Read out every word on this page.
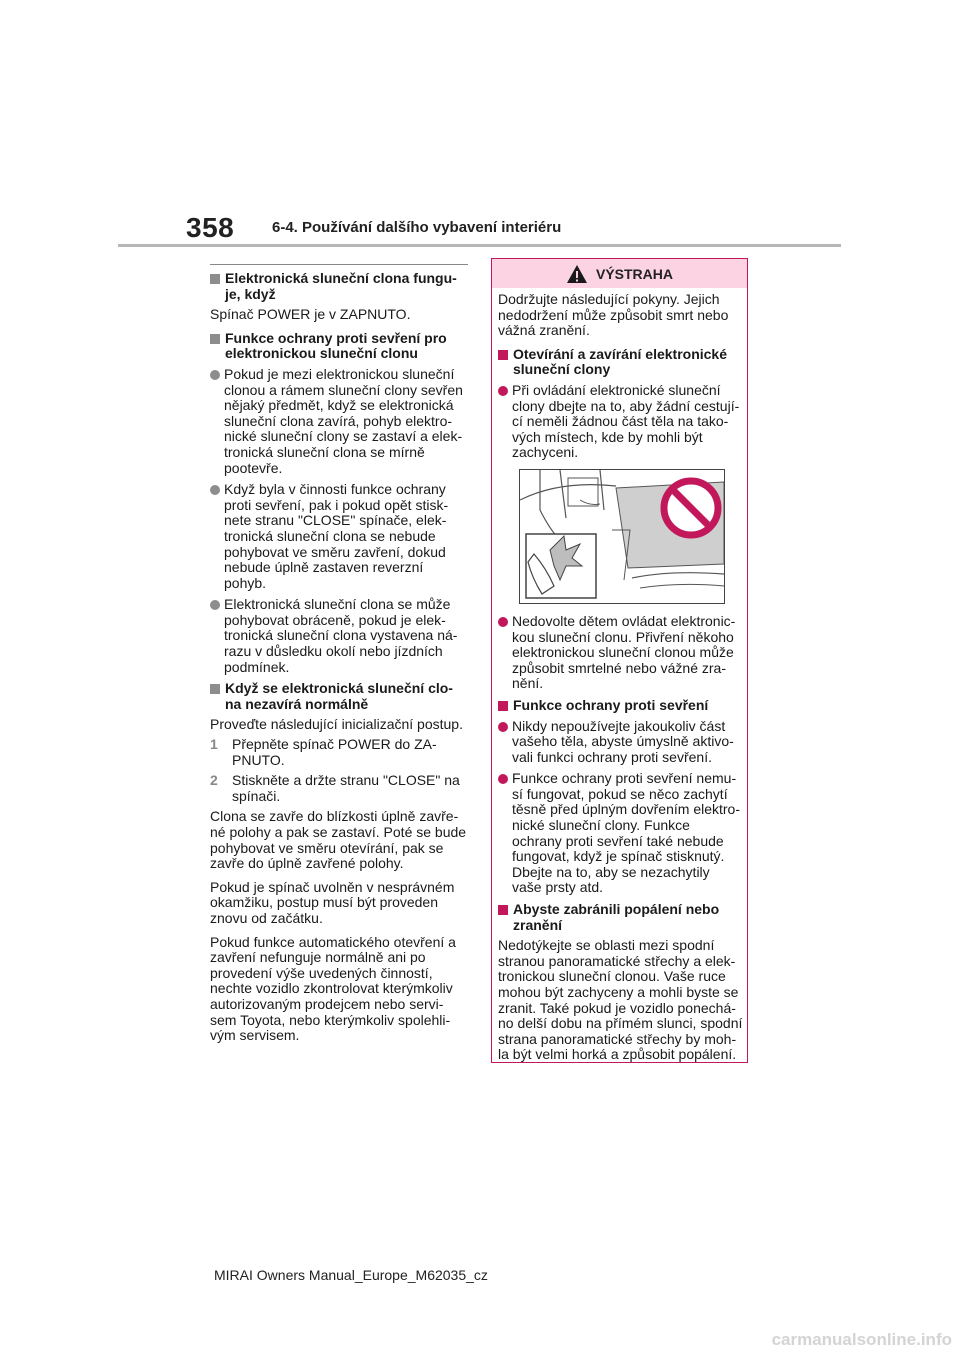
358	6-4. Používání dalšího vybavení interiéru
Elektronická sluneční clona fungu-je, když

Spínač POWER je v ZAPNUTO.

Funkce ochrany proti sevření pro elektronickou sluneční clonu
Pokud je mezi elektronickou sluneční clonou a rámem sluneční clony sevřen nějaký předmět, když se elektronická sluneční clona zavírá, pohyb elektro-nické sluneční clony se zastaví a elek-tronická sluneční clona se mírně pootevře.
Když byla v činnosti funkce ochrany proti sevření, pak i pokud opět stisk-nete stranu "CLOSE" spínače, elek-tronická sluneční clona se nebude pohybovat ve směru zavření, dokud nebude úplně zastaven reverzní pohyb.
Elektronická sluneční clona se může pohybovat obráceně, pokud je elek-tronická sluneční clona vystavena ná-razu v důsledku okolí nebo jízdních podmínek.
Když se elektronická sluneční clo-na nezavírá normálně

Proveďte následující inicializační postup.

1	Přepněte spínač POWER do ZA-PNUTO.
2	Stiskněte a držte stranu "CLOSE" na spínači.

Clona se zavře do blízkosti úplně zavře-né polohy a pak se zastaví. Poté se bude pohybovat ve směru otevírání, pak se zavře do úplně zavřené polohy.

Pokud je spínač uvolněn v nesprávném okamžiku, postup musí být proveden znovu od začátku.

Pokud funkce automatického otevření a zavření nefunguje normálně ani po provedení výše uvedených činností, nechte vozidlo zkontrolovat kterýmkoliv autorizovaným prodejcem nebo servi-sem Toyota, nebo kterýmkoliv spolehli-vým servisem.

VÝSTRAHA

Dodržujte následující pokyny. Jejich nedodržení může způsobit smrt nebo vážná zranění.

Otevírání a zavírání elektronické sluneční clony
Při ovládání elektronické sluneční clony dbejte na to, aby žádní cestují-cí neměli žádnou část těla na tako-vých místech, kde by mohli být zachyceni.
Nedovolte dětem ovládat elektronic-kou sluneční clonu. Přivření někoho elektronickou sluneční clonou může způsobit smrtelné nebo vážné zra-nění.
Funkce ochrany proti sevření
Nikdy nepoužívejte jakoukoliv část vašeho těla, abyste úmyslně aktivo-vali funkci ochrany proti sevření.
Funkce ochrany proti sevření nemu-sí fungovat, pokud se něco zachytí těsně před úplným dovřením elektro-nické sluneční clony. Funkce ochrany proti sevření také nebude fungovat, když je spínač stisknutý. Dbejte na to, aby se nezachytily vaše prsty atd.
Abyste zabránili popálení nebo zranění

Nedotýkejte se oblasti mezi spodní stranou panoramatické střechy a elek-tronickou sluneční clonou. Vaše ruce mohou být zachyceny a mohli byste se zranit. Také pokud je vozidlo ponechá-no delší dobu na přímém slunci, spodní strana panoramatické střechy by moh-la být velmi horká a způsobit popálení.

MIRAI Owners Manual_Europe_M62035_cz
carmanualsonline.info
